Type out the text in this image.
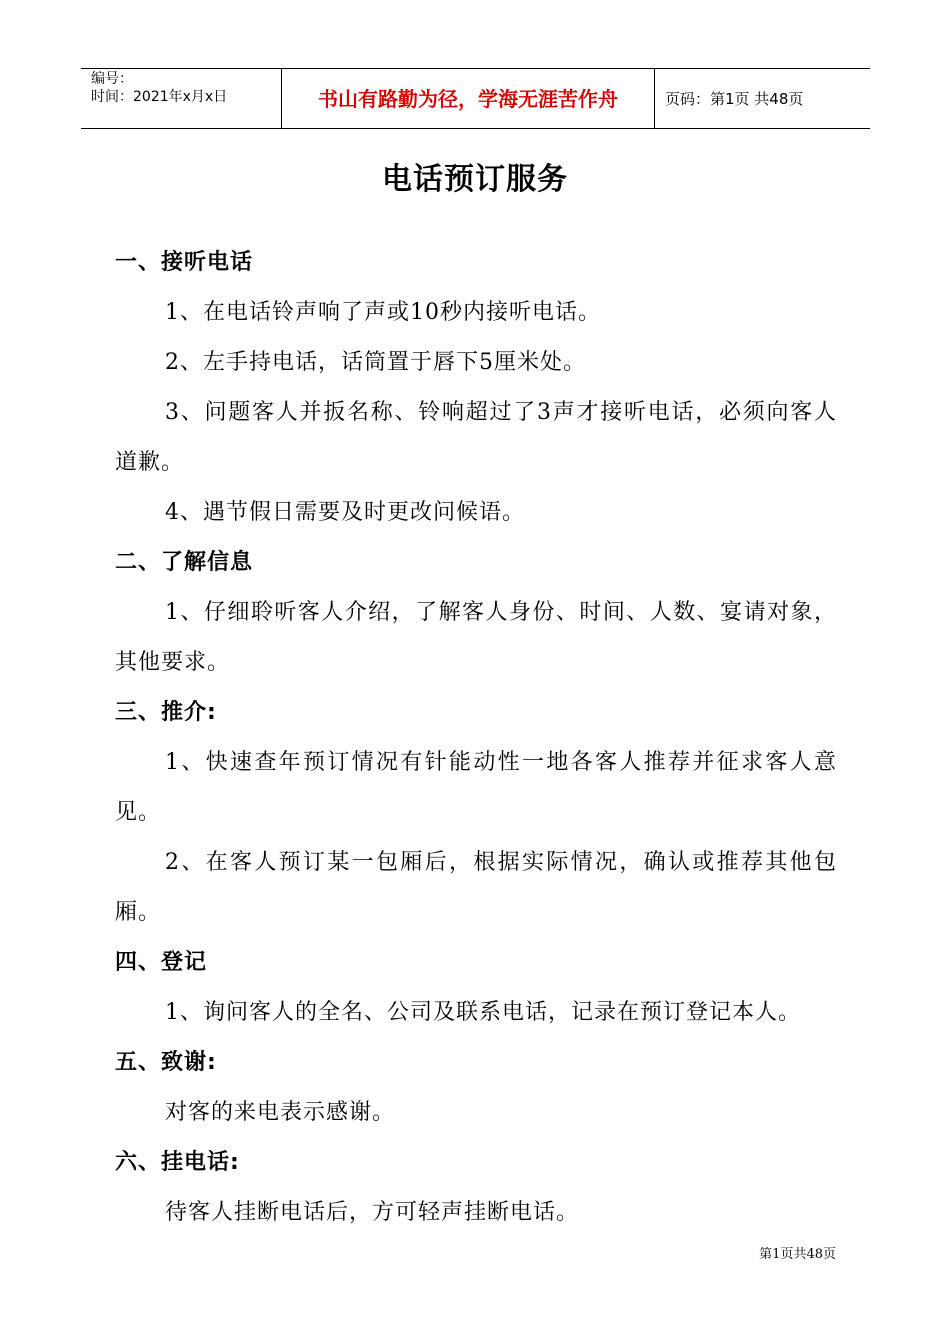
编号：
时间：2021年x月x日	书山有路勤为径，学海无涯苦作舟	页码：第1页 共48页
电话预订服务
一、接听电话

1、在电话铃声响了声或10秒内接听电话。

2、左手持电话，话筒置于唇下5厘米处。

3、问题客人并扳名称、铃响超过了3声才接听电话，必须向客人道歉。

4、遇节假日需要及时更改问候语。

二、了解信息

1、仔细聆听客人介绍，了解客人身份、时间、人数、宴请对象，其他要求。

三、推介:

1、快速查年预订情况有针能动性一地各客人推荐并征求客人意见。

2、在客人预订某一包厢后，根据实际情况，确认或推荐其他包厢。

四、登记

1、询问客人的全名、公司及联系电话，记录在预订登记本人。

五、致谢:

对客的来电表示感谢。

六、挂电话:

待客人挂断电话后，方可轻声挂断电话。

第1页共48页
